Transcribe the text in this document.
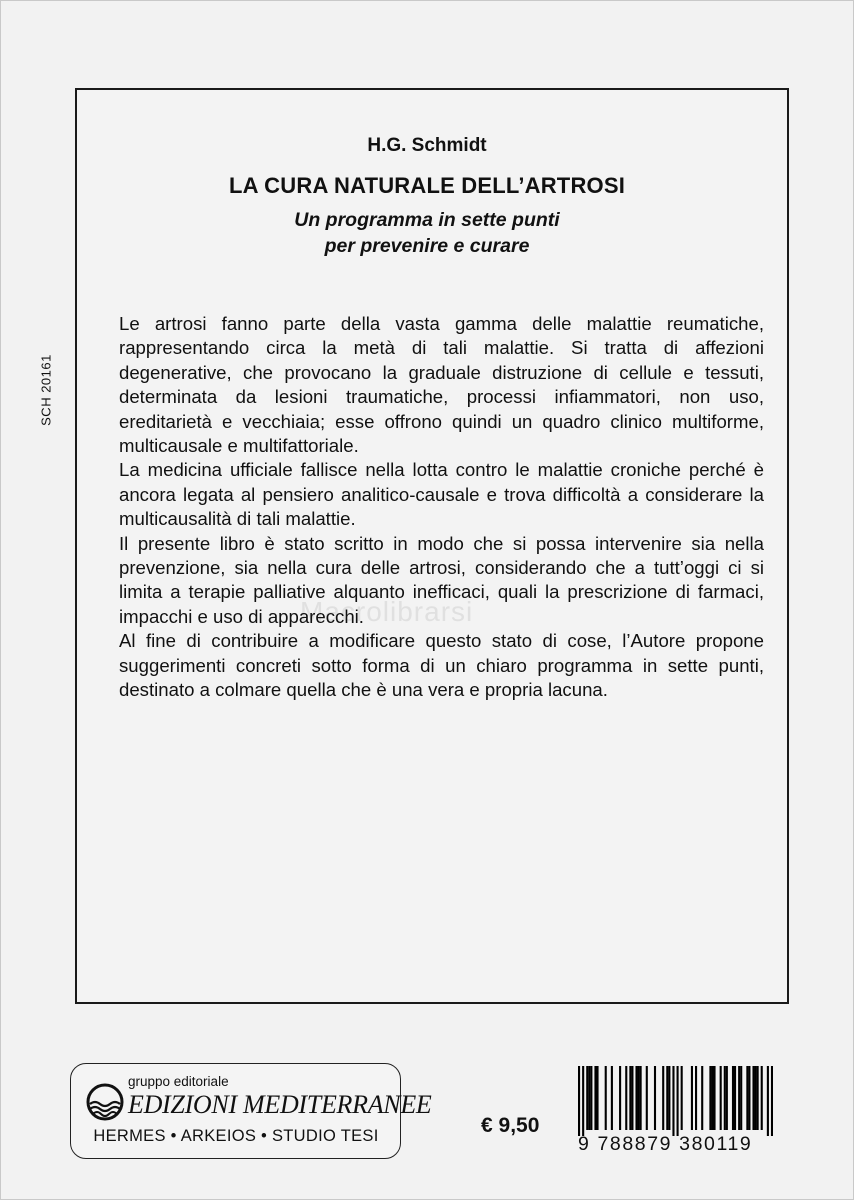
SCH 20161
H.G. Schmidt
LA CURA NATURALE DELL’ARTROSI
Un programma in sette punti
per prevenire e curare
Macrolibrarsi

Le artrosi fanno parte della vasta gamma delle malattie reumatiche, rappresentando circa la metà di tali malattie. Si tratta di affezioni degenerative, che provocano la graduale distruzione di cellule e tessuti, determinata da lesioni traumatiche, processi infiammatori, non uso, ereditarietà e vecchiaia; esse offrono quindi un quadro clinico multiforme, multicausale e multifattoriale.

La medicina ufficiale fallisce nella lotta contro le malattie croniche perché è ancora legata al pensiero analitico-causale e trova difficoltà a considerare la multicausalità di tali malattie.

Il presente libro è stato scritto in modo che si possa intervenire sia nella prevenzione, sia nella cura delle artrosi, considerando che a tutt’oggi ci si limita a terapie palliative alquanto inefficaci, quali la prescrizione di farmaci, impacchi e uso di apparecchi.

Al fine di contribuire a modificare questo stato di cose, l’Autore propone suggerimenti concreti sotto forma di un chiaro programma in sette punti, destinato a colmare quella che è una vera e propria lacuna.

gruppo editoriale
EDIZIONI MEDITERRANEE
HERMES • ARKEIOS • STUDIO TESI	€ 9,50
9 788879 380119
